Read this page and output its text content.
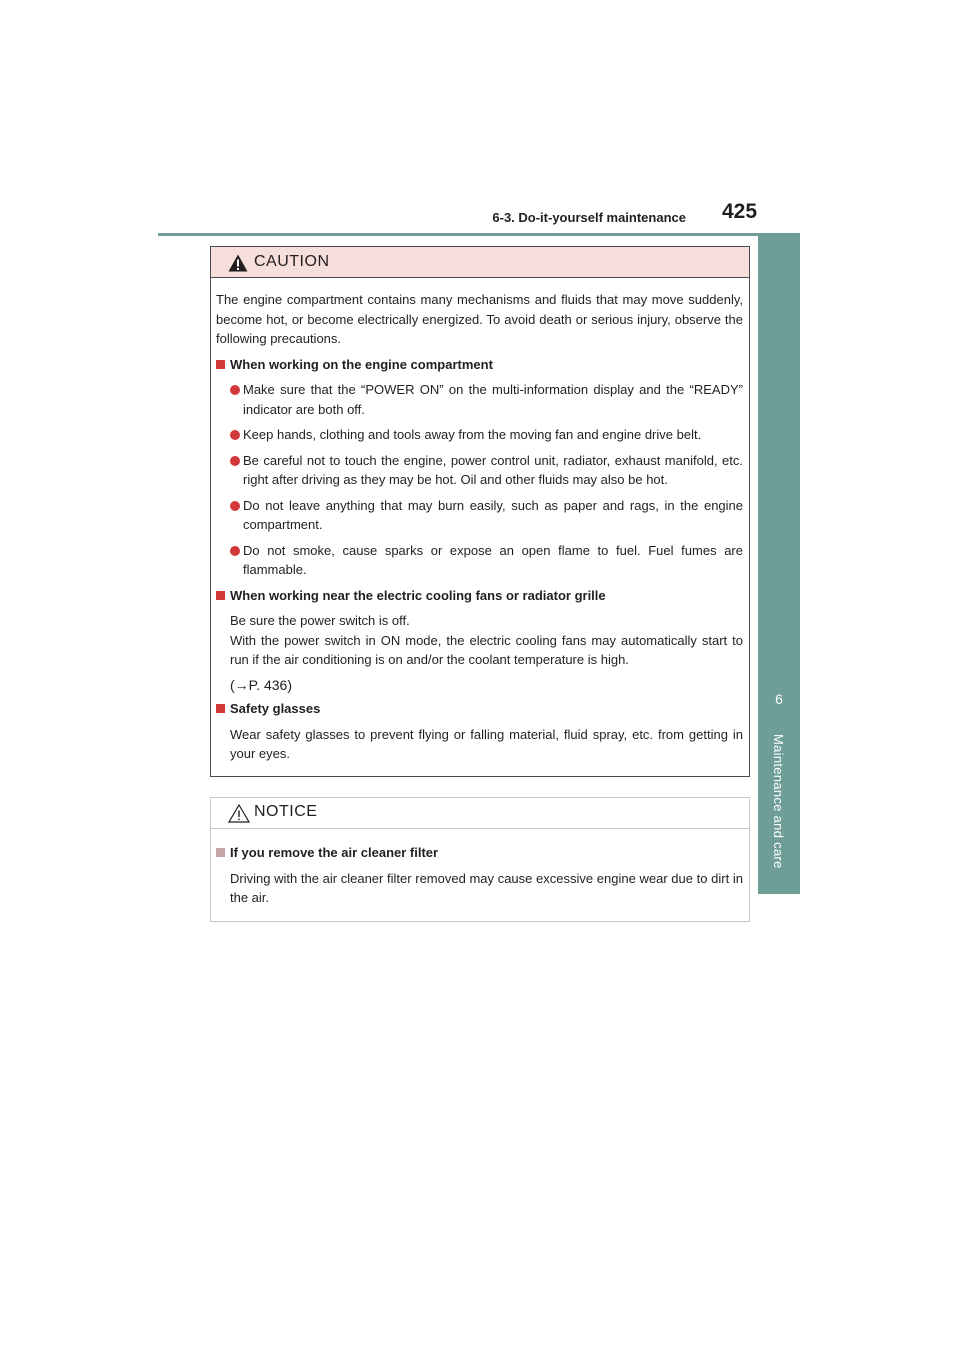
6-3. Do-it-yourself maintenance 425
6
Maintenance and care
CAUTION

The engine compartment contains many mechanisms and fluids that may move suddenly, become hot, or become electrically energized. To avoid death or serious injury, observe the following precautions.

When working on the engine compartment
Make sure that the “POWER ON” on the multi-information display and the “READY” indicator are both off.
Keep hands, clothing and tools away from the moving fan and engine drive belt.
Be careful not to touch the engine, power control unit, radiator, exhaust manifold, etc. right after driving as they may be hot. Oil and other fluids may also be hot.
Do not leave anything that may burn easily, such as paper and rags, in the engine compartment.
Do not smoke, cause sparks or expose an open flame to fuel. Fuel fumes are flammable.
When working near the electric cooling fans or radiator grille

Be sure the power switch is off.

With the power switch in ON mode, the electric cooling fans may automatically start to run if the air conditioning is on and/or the coolant temperature is high.

(→P. 436)
Safety glasses

Wear safety glasses to prevent flying or falling material, fluid spray, etc. from getting in your eyes.

NOTICE
If you remove the air cleaner filter

Driving with the air cleaner filter removed may cause excessive engine wear due to dirt in the air.
